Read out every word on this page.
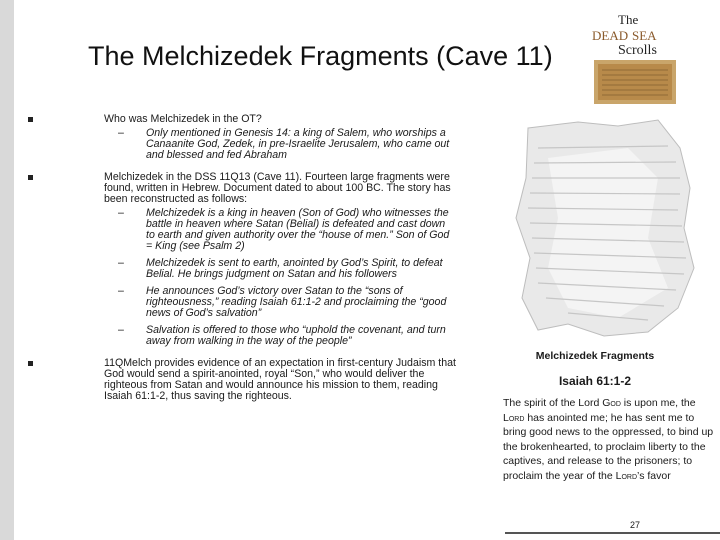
The Melchizedek Fragments (Cave 11)
The
DEAD SEA
Scrolls
Who was Melchizedek in the OT?
– Only mentioned in Genesis 14: a king of Salem, who worships a Canaanite God, Zedek, in pre-Israelite Jerusalem, who came out and blessed and fed Abraham
Melchizedek in the DSS 11Q13 (Cave 11). Fourteen large fragments were found, written in Hebrew. Document dated to about 100 BC. The story has been reconstructed as follows:
– Melchizedek is a king in heaven (Son of God) who witnesses the battle in heaven where Satan (Belial) is defeated and cast down to earth and given authority over the “house of men.” Son of God = King (see Psalm 2)
– Melchizedek is sent to earth, anointed by God’s Spirit, to defeat Belial. He brings judgment on Satan and his followers
– He announces God’s victory over Satan to the “sons of righteousness,” reading Isaiah 61:1-2 and proclaiming the “good news of God’s salvation”
– Salvation is offered to those who “uphold the covenant, and turn away from walking in the way of the people”
11QMelch provides evidence of an expectation in first-century Judaism that God would send a spirit-anointed, royal “Son,” who would deliver the righteous from Satan and would announce his mission to them, reading Isaiah 61:1-2, thus saving the righteous.
Melchizedek Fragments
Isaiah 61:1-2
The spirit of the Lord God is upon me, the Lord has anointed me; he has sent me to bring good news to the oppressed, to bind up the brokenhearted, to proclaim liberty to the captives, and release to the prisoners; to proclaim the year of the Lord’s favor
27
